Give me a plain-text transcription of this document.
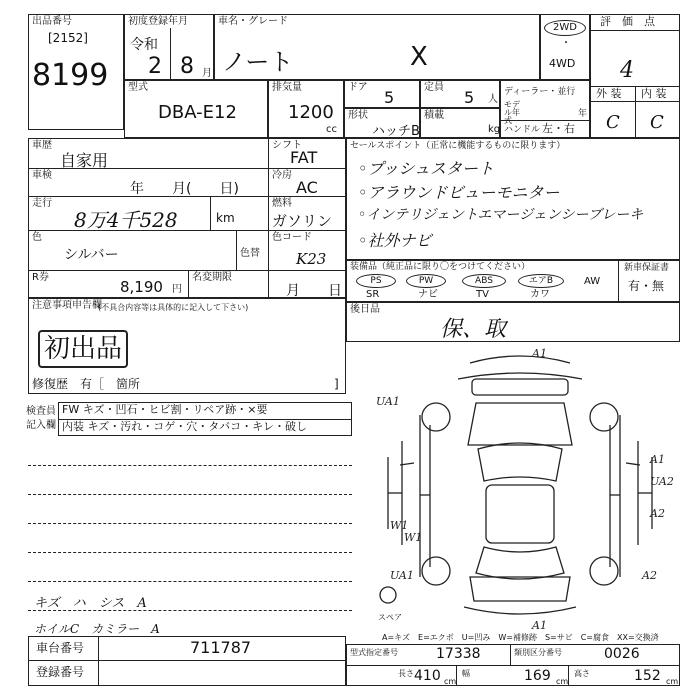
出品番号
[2152]
8199
初度登録年月
令和
2 8 月
車名・グレード
ノート	X
2WD
・
4WD
評　価　点
4
外 装 内 装
C C
型式
DBA-E12
排気量
1200
cc
ドア
5
定員
5 人
ディーラー・並行
モデル年式
年
ハンドル 左・右
形状
ハッチB
積載
kg
車歴
自家用
シフト
FAT
車検
年　　月(　　日)
冷房
AC
走行
8万4千528	km
燃料
ガソリン
色
シルバー	色替
色コード
K23
R券
8,190 円
名変期限
月　　日
セールスポイント（正常に機能するものに限ります）
◦プッシュスタート
◦アラウンドビューモニター
◦インテリジェントエマージェンシーブレーキ
◦社外ナビ
装備品（純正品に限り〇をつけてください）	新車保証書
有・無
PS	PW	ABS	エアB	AW
SR	ナビ	TV	カワ
後日品
保、取
注意事項申告欄
(不具合内容等は具体的に記入して下さい)
初出品
修復歴　有［ 箇所	]
検査員
記入欄
FW キズ・凹石・ヒビ割・リペア跡・×要
内装 キズ・汚れ・コゲ・穴・タバコ・キレ・破し
キズ　ハ　シス　A
ホイルC　カミラー　A
A1
UA1
W1
A1
UA2
A2
A2
UA1
W1
A1
スペア
A=キズ　E=エクボ　U=凹み　W=補修跡　S=サビ　C=腐食　XX=交換済
車台番号	711787
登録番号
型式指定番号	17338	類別区分番号	0026
長さ 410 cm
幅	169 cm
高さ	152 cm
